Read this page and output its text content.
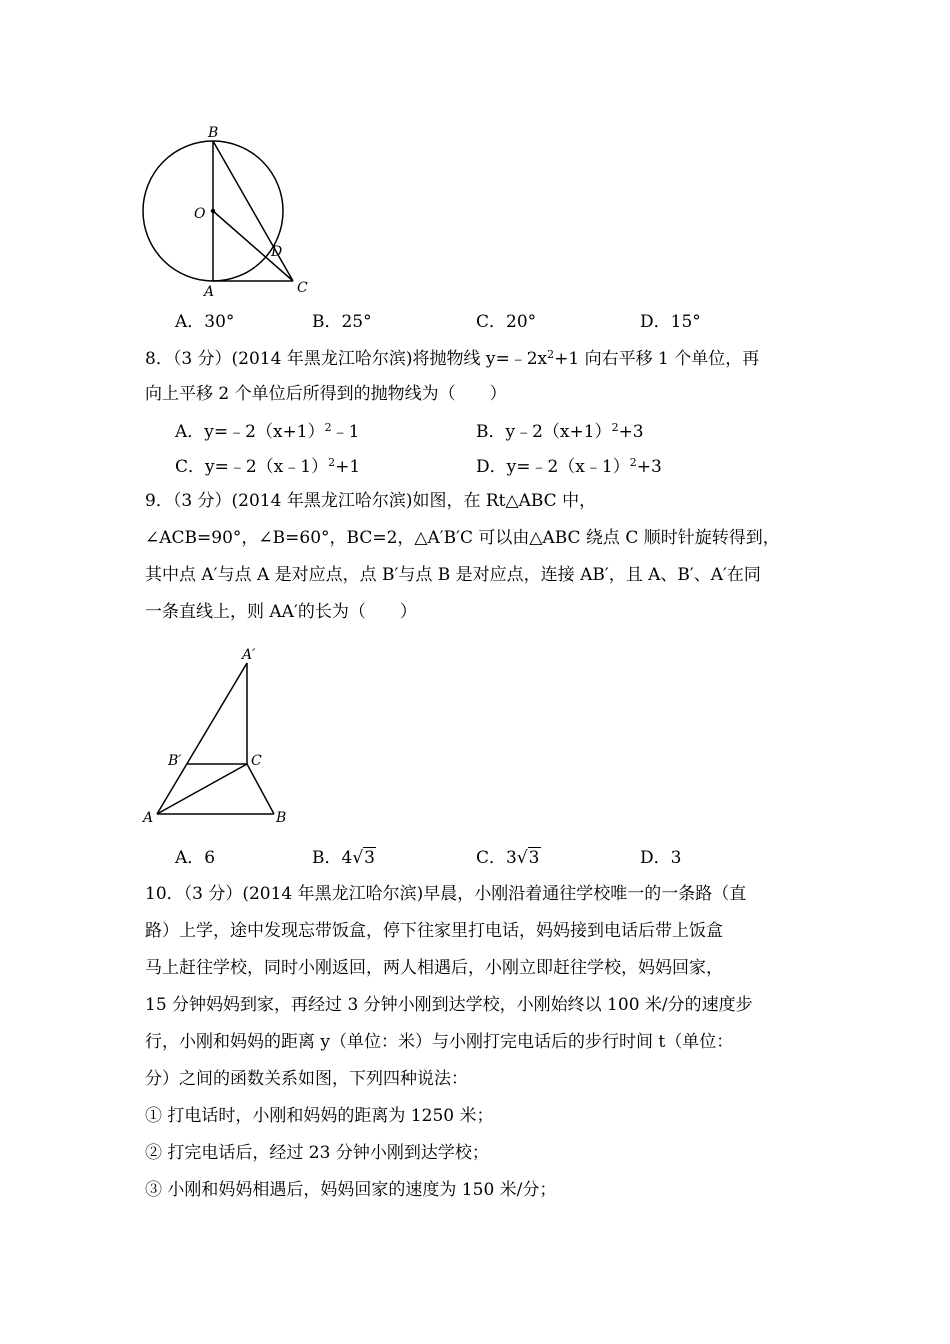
B
O
D
A	C
A．30°	B．25°	C．20°	D．15°
8．（3 分）(2014 年黑龙江哈尔滨)将抛物线 $y=﹣2x^2+1$ 向右平移 1 个单位，再
向上平移 2 个单位后所得到的抛物线为（　　）
A．$y=﹣2(x+1)^2﹣1$	B．$y﹣2(x+1)^2+3$
C．y=﹣2（x﹣1）$^2$+1	D．y=﹣2（x﹣1）$^2$+3
9．（3 分）(2014 年黑龙江哈尔滨)如图，在 Rt△ABC 中，
∠ACB=90°，∠B=60°，BC=2，△A′B′C 可以由△ABC 绕点 C 顺时针旋转得到，
其中点 A′与点 A 是对应点，点 B′与点 B 是对应点，连接 AB′，且 A、B′、A′在同
一条直线上，则 AA′的长为（　　）
A′
B′	C
A	B
A．6	B．4√3	C．3√3	D．3
10．（3 分）(2014 年黑龙江哈尔滨)早晨，小刚沿着通往学校唯一的一条路（直
路）上学，途中发现忘带饭盒，停下往家里打电话，妈妈接到电话后带上饭盒
马上赶往学校，同时小刚返回，两人相遇后，小刚立即赶往学校，妈妈回家，
15 分钟妈妈到家，再经过 3 分钟小刚到达学校，小刚始终以 100 米/分的速度步
行，小刚和妈妈的距离 y（单位：米）与小刚打完电话后的步行时间 t（单位：
分）之间的函数关系如图，下列四种说法：
① 打电话时，小刚和妈妈的距离为 1250 米；
② 打完电话后，经过 23 分钟小刚到达学校；
③ 小刚和妈妈相遇后，妈妈回家的速度为 150 米/分；
